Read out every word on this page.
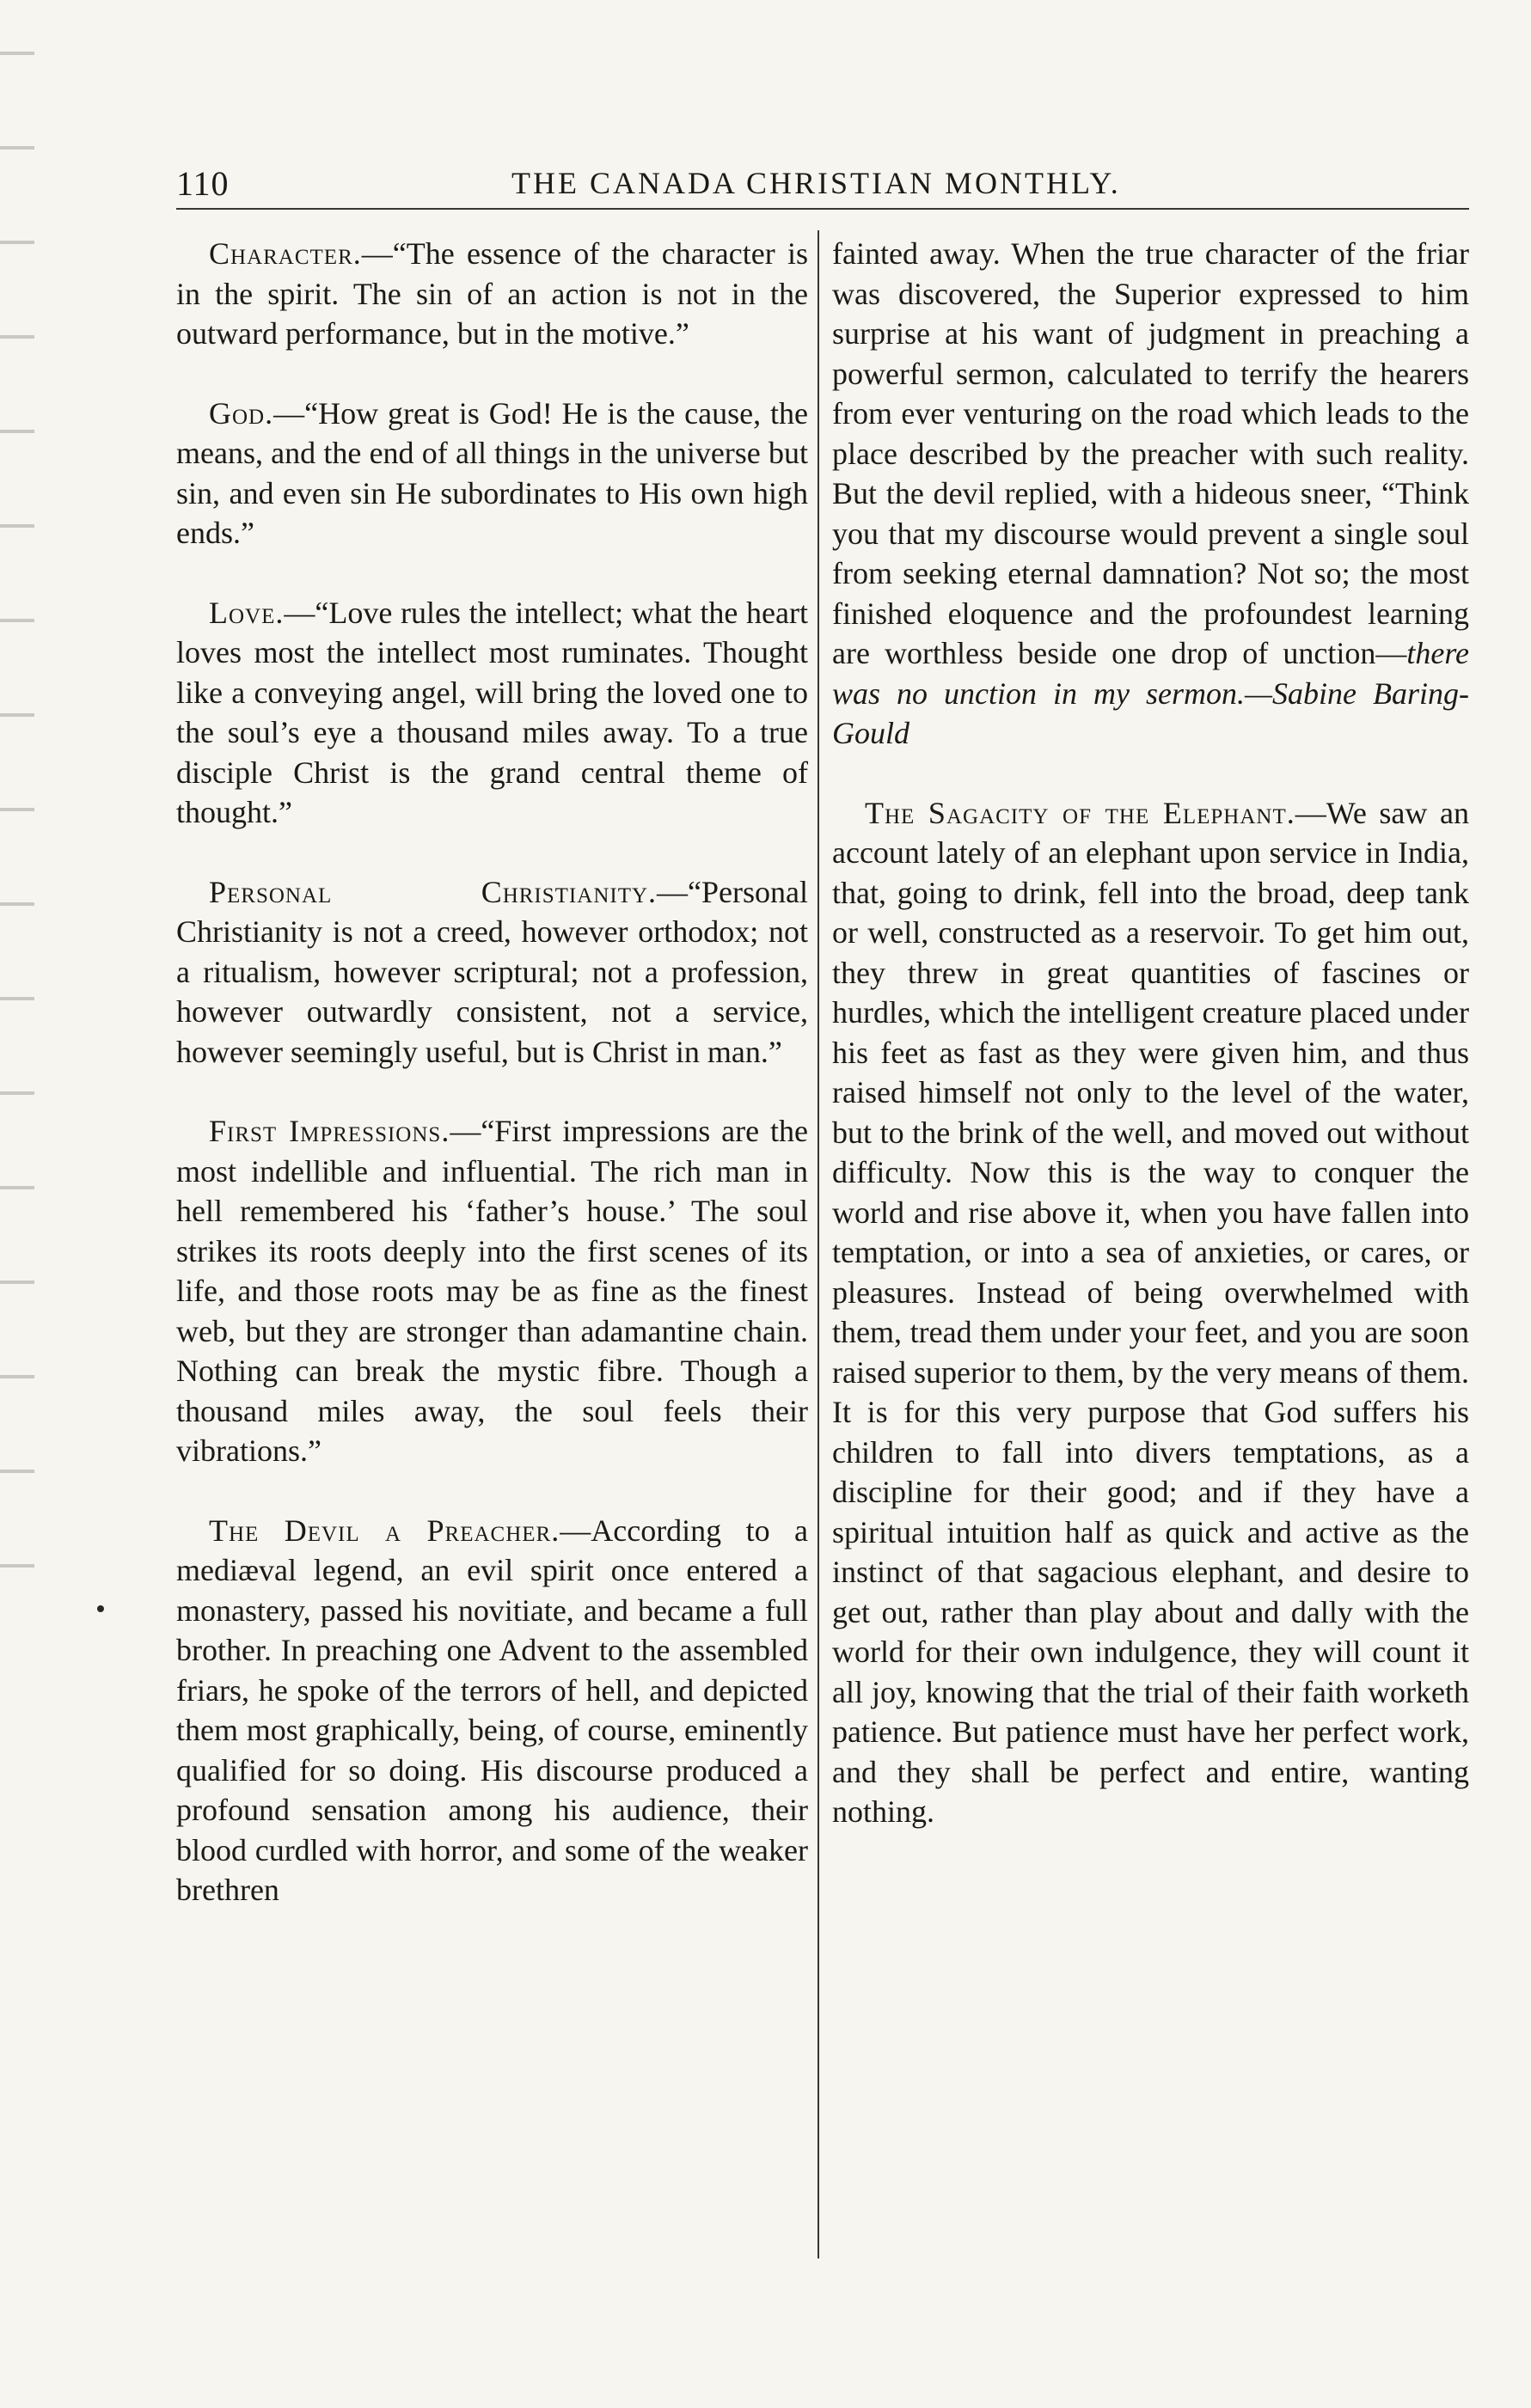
110	THE CANADA CHRISTIAN MONTHLY.

Character.—“The essence of the character is in the spirit. The sin of an action is not in the outward performance, but in the motive.”

God.—“How great is God! He is the cause, the means, and the end of all things in the universe but sin, and even sin He subordinates to His own high ends.”

Love.—“Love rules the intellect; what the heart loves most the intellect most ruminates. Thought like a conveying angel, will bring the loved one to the soul’s eye a thousand miles away. To a true disciple Christ is the grand central theme of thought.”

Personal Christianity.—“Personal Christianity is not a creed, however orthodox; not a ritualism, however scriptural; not a profession, however outwardly consistent, not a service, however seemingly useful, but is Christ in man.”

First Impressions.—“First impressions are the most indellible and influential. The rich man in hell remembered his ‘father’s house.’ The soul strikes its roots deeply into the first scenes of its life, and those roots may be as fine as the finest web, but they are stronger than adamantine chain. Nothing can break the mystic fibre. Though a thousand miles away, the soul feels their vibrations.”

The Devil a Preacher.—According to a mediæval legend, an evil spirit once entered a monastery, passed his novitiate, and became a full brother. In preaching one Advent to the assembled friars, he spoke of the terrors of hell, and depicted them most graphically, being, of course, eminently qualified for so doing. His discourse produced a profound sensation among his audience, their blood curdled with horror, and some of the weaker brethren

fainted away. When the true character of the friar was discovered, the Superior expressed to him surprise at his want of judgment in preaching a powerful sermon, calculated to terrify the hearers from ever venturing on the road which leads to the place described by the preacher with such reality. But the devil replied, with a hideous sneer, “Think you that my discourse would prevent a single soul from seeking eternal damnation? Not so; the most finished eloquence and the profoundest learning are worthless beside one drop of unction—there was no unction in my sermon.—Sabine Baring-Gould

The Sagacity of the Elephant.—We saw an account lately of an elephant upon service in India, that, going to drink, fell into the broad, deep tank or well, constructed as a reservoir. To get him out, they threw in great quantities of fascines or hurdles, which the intelligent creature placed under his feet as fast as they were given him, and thus raised himself not only to the level of the water, but to the brink of the well, and moved out without difficulty. Now this is the way to conquer the world and rise above it, when you have fallen into temptation, or into a sea of anxieties, or cares, or pleasures. Instead of being overwhelmed with them, tread them under your feet, and you are soon raised superior to them, by the very means of them. It is for this very purpose that God suffers his children to fall into divers temptations, as a discipline for their good; and if they have a spiritual intuition half as quick and active as the instinct of that sagacious elephant, and desire to get out, rather than play about and dally with the world for their own indulgence, they will count it all joy, knowing that the trial of their faith worketh patience. But patience must have her perfect work, and they shall be perfect and entire, wanting nothing.
